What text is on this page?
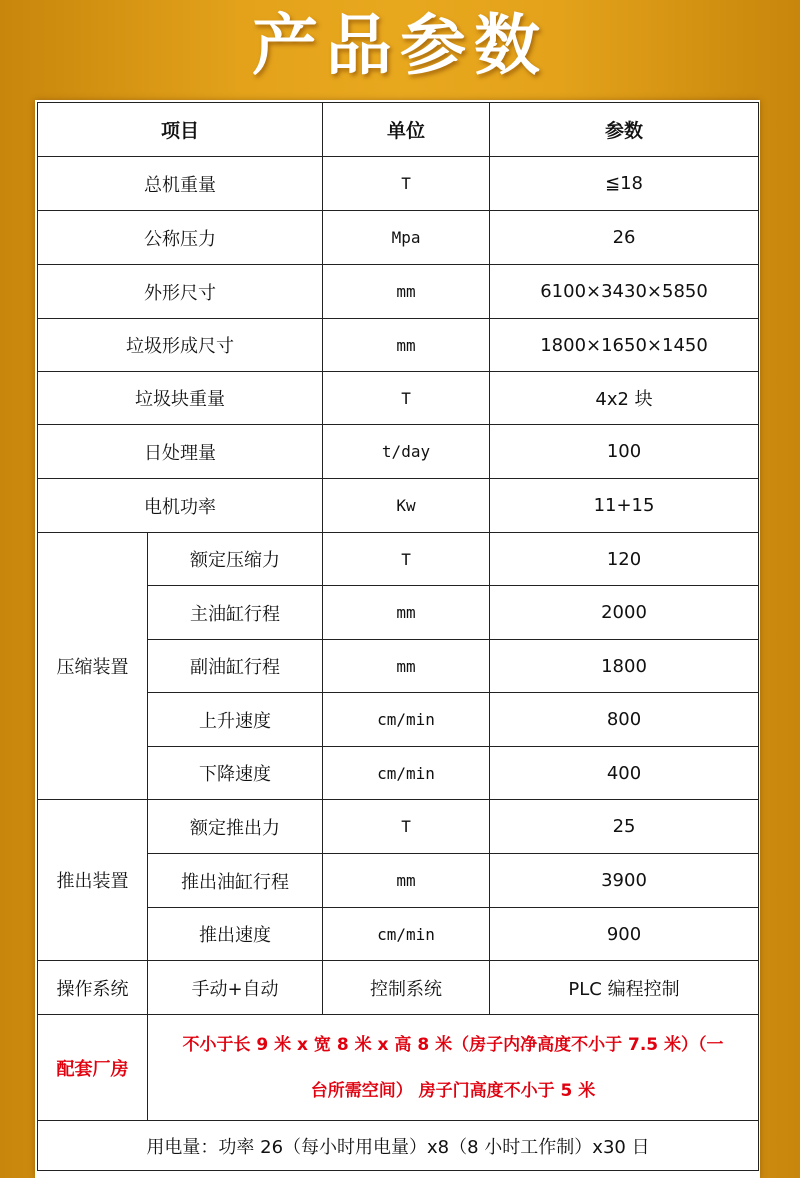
产品参数
项目		单位	参数
总机重量		T	≦18
公称压力		Mpa	26
外形尺寸		mm	6100×3430×5850
垃圾形成尺寸		mm	1800×1650×1450
垃圾块重量		T	4x2 块
日处理量		t/day	100
电机功率		Kw	11+15
压缩装置	额定压缩力	T	120
	主油缸行程	mm	2000
	副油缸行程	mm	1800
	上升速度	cm/min	800
	下降速度	cm/min	400
推出装置	额定推出力	T	25
	推出油缸行程	mm	3900
	推出速度	cm/min	900
操作系统	手动+自动	控制系统	PLC 编程控制
配套厂房	不小于长 9 米 x 宽 8 米 x 高 8 米（房子内净高度不小于 7.5 米）（一
台所需空间） 房子门高度不小于 5 米		

用电量：功率 26（每小时用电量）x8（8 小时工作制）x30 日			
